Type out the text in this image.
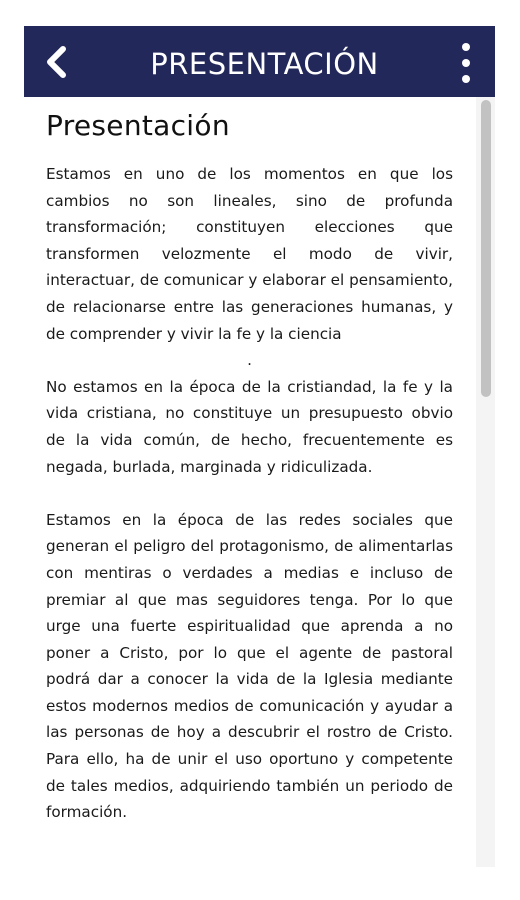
PRESENTACIÓN
Presentación

Estamos en uno de los momentos en que los cambios no son lineales, sino de profunda transformación; constituyen elecciones que transformen velozmente el modo de vivir, interactuar, de comunicar y elaborar el pensamiento, de relacionarse entre las generaciones humanas, y de comprender y vivir la fe y la ciencia

.

No estamos en la época de la cristiandad, la fe y la vida cristiana, no constituye un presupuesto obvio de la vida común, de hecho, frecuentemente es negada, burlada, marginada y ridiculizada.

Estamos en la época de las redes sociales que generan el peligro del protagonismo, de alimentarlas con mentiras o verdades a medias e incluso de premiar al que mas seguidores tenga. Por lo que urge una fuerte espiritualidad que aprenda a no poner a Cristo, por lo que el agente de pastoral podrá dar a conocer la vida de la Iglesia mediante estos modernos medios de comunicación y ayudar a las personas de hoy a descubrir el rostro de Cristo. Para ello, ha de unir el uso oportuno y competente de tales medios, adquiriendo también un periodo de formación.
